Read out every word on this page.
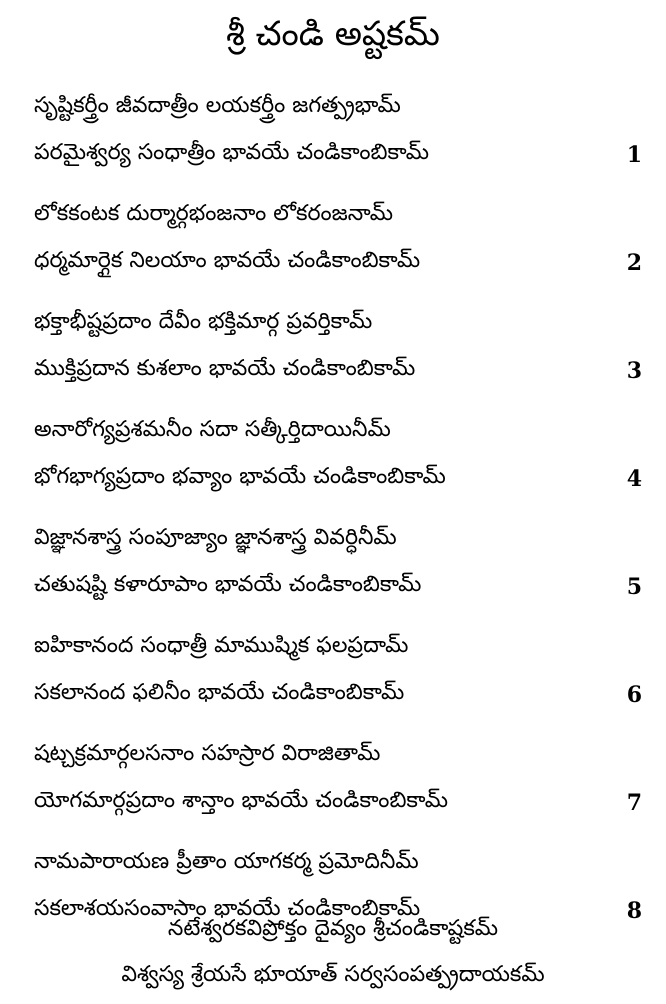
శ్రీ చండి అష్టకమ్
సృష్టికర్త్రీం జీవదాత్రీం లయకర్త్రీం జగత్ప్రభామ్
పరమైశ్వర్య సంధాత్రీం భావయే చండికాంబికామ్	1
లోకకంటక దుర్మార్గభంజనాం లోకరంజనామ్
ధర్మమార్గైక నిలయాం భావయే చండికాంబికామ్	2
భక్తాభీష్టప్రదాం దేవీం భక్తిమార్గ ప్రవర్తికామ్
ముక్తిప్రదాన కుశలాం భావయే చండికాంబికామ్	3
అనారోగ్యప్రశమనీం సదా సత్కీర్తిదాయినీమ్
భోగభాగ్యప్రదాం భవ్యాం భావయే చండికాంబికామ్	4
విజ్ఞానశాస్త్ర సంపూజ్యాం జ్ఞానశాస్త్ర వివర్ధినీమ్
చతుషష్టి కళారూపాం భావయే చండికాంబికామ్	5
ఐహికానంద సంధాత్రీ మాముష్మిక ఫలప్రదామ్
సకలానంద ఫలినీం భావయే చండికాంబికామ్	6
షట్చక్రమార్గలసనాం సహస్రార విరాజితామ్
యోగమార్గప్రదాం శాన్తాం భావయే చండికాంబికామ్	7
నామపారాయణ ప్రీతాం యాగకర్మ ప్రమోదినీమ్
సకలాశయసంవాసాం భావయే చండికాంబికామ్	8
నటేశ్వరకవిప్రోక్తం దైవ్యం శ్రీచండికాష్టకమ్
విశ్వస్య శ్రేయసే భూయాత్ సర్వసంపత్ప్రదాయకమ్
